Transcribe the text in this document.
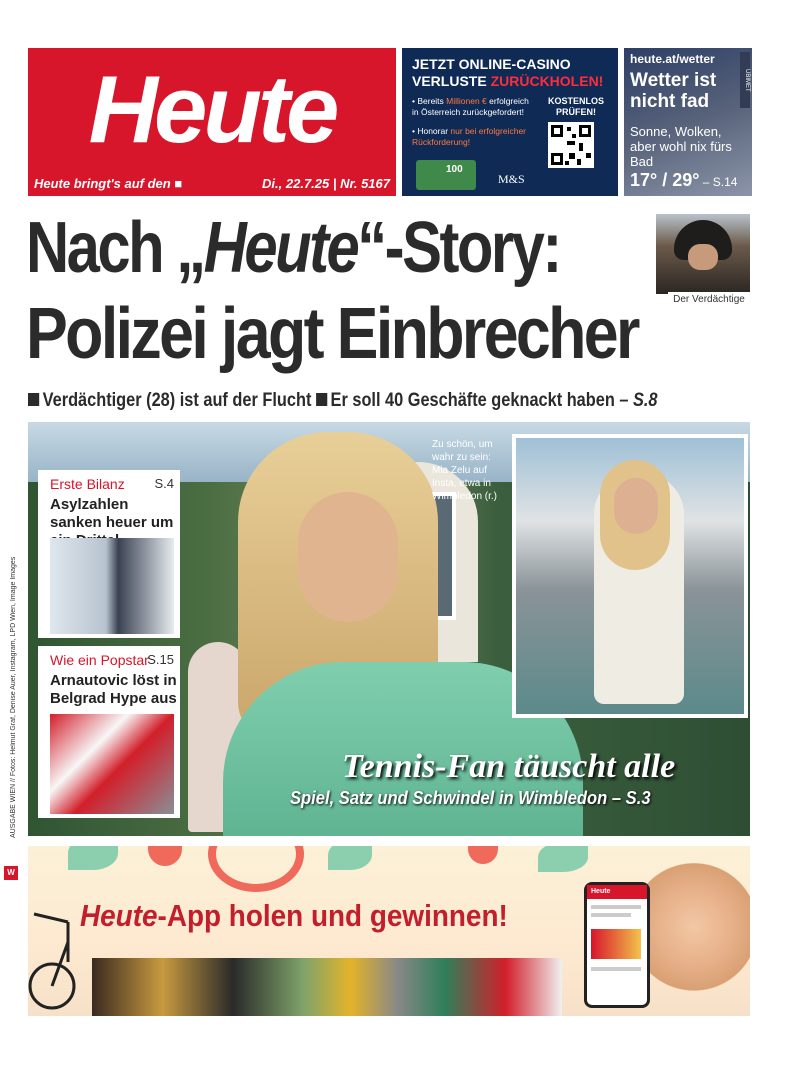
Heute
Heute bringt's auf den ■	Di., 22.7.25 | Nr. 5167
JETZT ONLINE-CASINO
VERLUSTE ZURÜCKHOLEN!
• Bereits Millionen € erfolgreich in Österreich zurückgefordert!
• Honorar nur bei erfolgreicher Rückforderung!
KOSTENLOS PRÜFEN!
100
M&S
heute.at/wetter
Wetter ist nicht fad
Sonne, Wolken, aber wohl nix fürs Bad
17° / 29° – S.14
UBIMET
Nach „Heute“-Story:
Der Verdächtige
Polizei jagt Einbrecher
Verdächtiger (28) ist auf der Flucht Er soll 40 Geschäfte geknackt haben – S.8
Zu schön, um wahr zu sein: Mia Zelu auf Insta, etwa in Wimbledon (r.)
Tennis-Fan täuscht alle
Spiel, Satz und Schwindel in Wimbledon – S.3
Erste Bilanz S.4
Asylzahlen sanken heuer um
Wie ein Popstar
S.15
Arnautovic löst in Belgrad Hype aus
AUSGABE WIEN // Fotos: Helmut Graf, Denise Auer, Instagram, LPD Wien, Image Images
W
Heute-App holen und gewinnen!
Heute
